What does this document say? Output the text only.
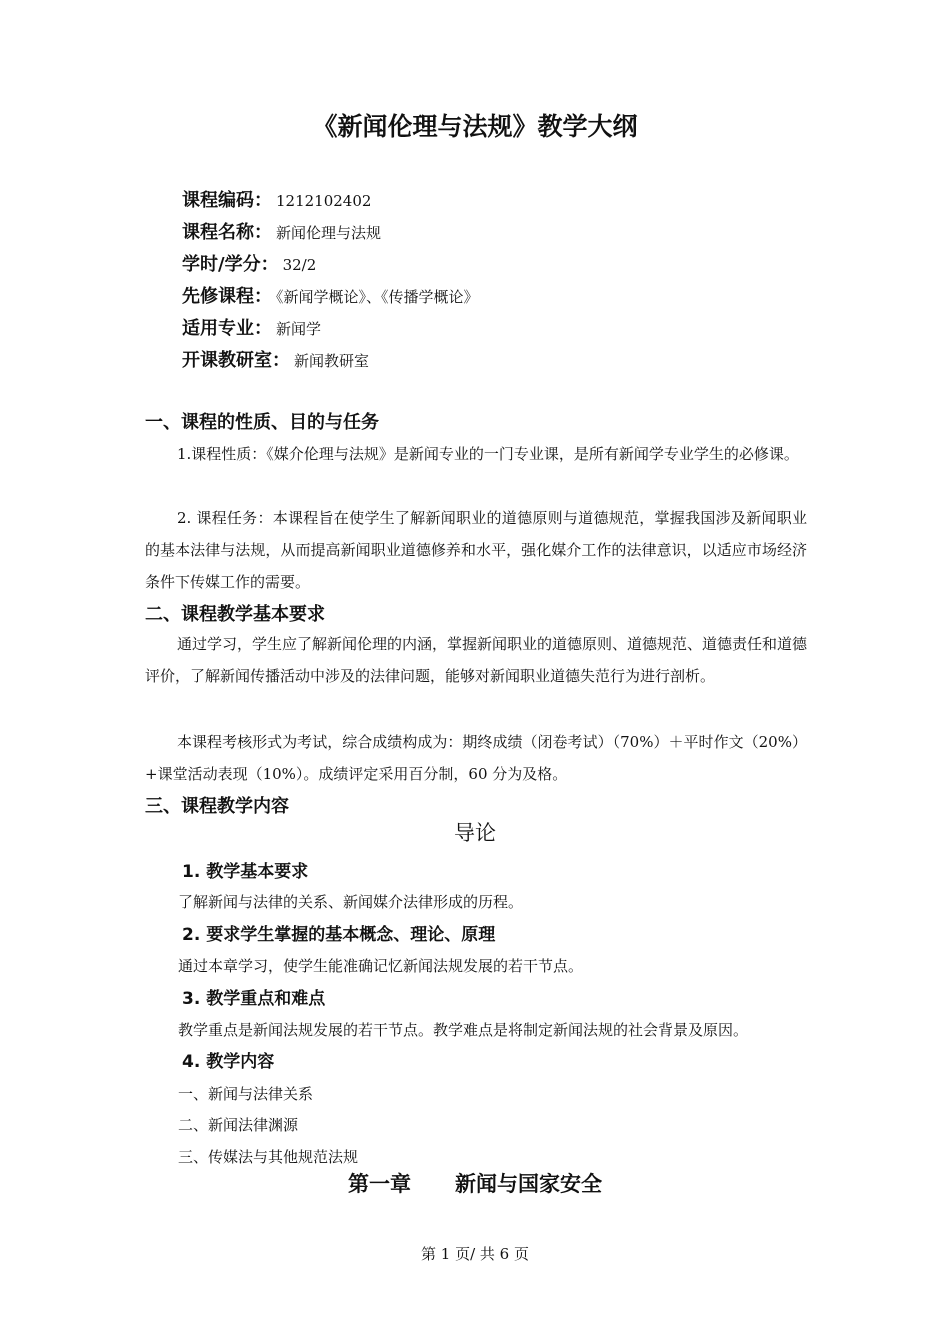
《新闻伦理与法规》教学大纲
课程编码： 1212102402
课程名称： 新闻伦理与法规
学时/学分： 32/2
先修课程： 《新闻学概论》、《传播学概论》
适用专业： 新闻学
开课教研室： 新闻教研室
一、课程的性质、目的与任务
1.课程性质：《媒介伦理与法规》是新闻专业的一门专业课，是所有新闻学专业学生的必修课。
2. 课程任务：本课程旨在使学生了解新闻职业的道德原则与道德规范，掌握我国涉及新闻职业的基本法律与法规，从而提高新闻职业道德修养和水平，强化媒介工作的法律意识，以适应市场经济条件下传媒工作的需要。
二、课程教学基本要求
通过学习，学生应了解新闻伦理的内涵，掌握新闻职业的道德原则、道德规范、道德责任和道德评价，了解新闻传播活动中涉及的法律问题，能够对新闻职业道德失范行为进行剖析。
本课程考核形式为考试，综合成绩构成为：期终成绩（闭卷考试）（70%）＋平时作文（20%）+课堂活动表现（10%）。成绩评定采用百分制，60 分为及格。
三、课程教学内容
导论
1. 教学基本要求
了解新闻与法律的关系、新闻媒介法律形成的历程。
2. 要求学生掌握的基本概念、理论、原理
通过本章学习，使学生能准确记忆新闻法规发展的若干节点。
3. 教学重点和难点
教学重点是新闻法规发展的若干节点。教学难点是将制定新闻法规的社会背景及原因。
4. 教学内容
一、新闻与法律关系
二、新闻法律渊源
三、传媒法与其他规范法规
第一章 新闻与国家安全
第 1 页/ 共 6 页
